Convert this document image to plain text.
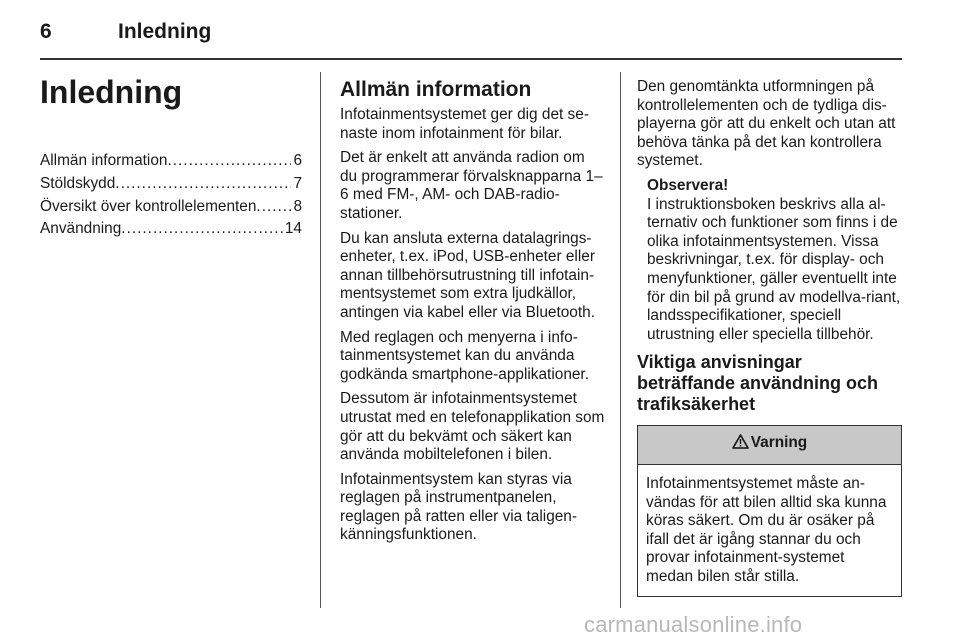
6	Inledning
Inledning
Allmän information .....	6
Stöldskydd .....	7
Översikt över kontrollelementen ..... 8
Användning .....	14
Allmän information

Infotainmentsystemet ger dig det se-naste inom infotainment för bilar.

Det är enkelt att använda radion om du programmerar förvalsknapparna 1–6 med FM-, AM- och DAB-radio-stationer.

Du kan ansluta externa datalagrings-enheter, t.ex. iPod, USB-enheter eller annan tillbehörsutrustning till infotain-mentsystemet som extra ljudkällor, antingen via kabel eller via Bluetooth.

Med reglagen och menyerna i info-tainmentsystemet kan du använda godkända smartphone-applikationer.

Dessutom är infotainmentsystemet utrustat med en telefonapplikation som gör att du bekvämt och säkert kan använda mobiltelefonen i bilen.

Infotainmentsystem kan styras via reglagen på instrumentpanelen, reglagen på ratten eller via taligen-känningsfunktionen.

Den genomtänkta utformningen på kontrollelementen och de tydliga dis-playerna gör att du enkelt och utan att behöva tänka på det kan kontrollera systemet.

Observera!
I instruktionsboken beskrivs alla al-ternativ och funktioner som finns i de olika infotainmentsystemen. Vissa beskrivningar, t.ex. för display- och menyfunktioner, gäller eventuellt inte för din bil på grund av modellva-riant, landsspecifikationer, speciell utrustning eller speciella tillbehör.
Viktiga anvisningar beträffande användning och trafiksäkerhet
Varning
Infotainmentsystemet måste an-vändas för att bilen alltid ska kunna köras säkert. Om du är osäker på ifall det är igång stannar du och provar infotainment-systemet medan bilen står stilla.
carmanualsonline.info
